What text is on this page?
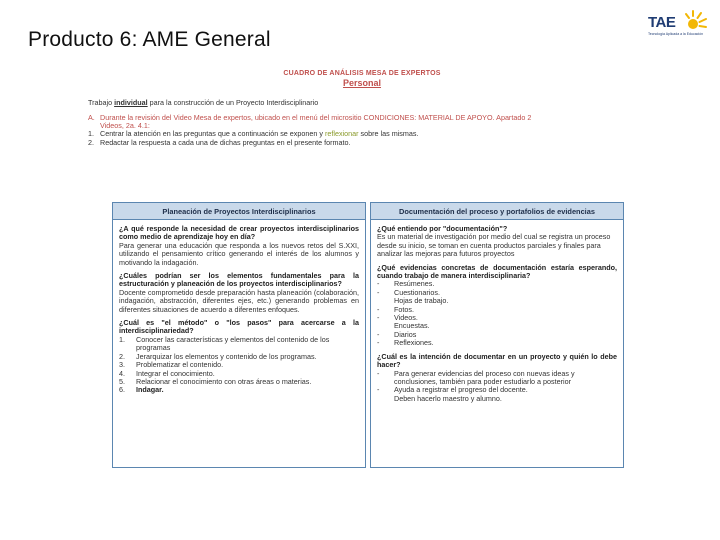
Producto 6: AME General
TAE
Tecnología Aplicada a la Educación
CUADRO DE ANÁLISIS MESA DE EXPERTOS
Personal
Trabajo individual para la construcción de un Proyecto Interdisciplinario
A. Durante la revisión del Video Mesa de expertos, ubicado en el menú del micrositio CONDICIONES: MATERIAL DE APOYO. Apartado 2
Videos, 2a. 4.1:
1. Centrar la atención en las preguntas que a continuación se exponen y reflexionar sobre las mismas.
2. Redactar la respuesta a cada una de dichas preguntas en el presente formato.
Planeación de Proyectos Interdisciplinarios
¿A qué responde la necesidad de crear proyectos interdisciplinarios como medio de aprendizaje hoy en día?
Para generar una educación que responda a los nuevos retos del S.XXI, utilizando el pensamiento crítico generando el interés de los alumnos y motivando la indagación.
¿Cuáles podrían ser los elementos fundamentales para la estructuración y planeación de los proyectos interdisciplinarios?
Docente comprometido desde preparación hasta planeación (colaboración, indagación, abstracción, diferentes ejes, etc.) generando problemas en diferentes situaciones de acuerdo a diferentes enfoques.
¿Cuál es "el método" o "los pasos" para acercarse a la interdisciplinariedad?
1.	Conocer las características y elementos del contenido de los programas
2.	Jerarquizar los elementos y contenido de los programas.
3.	Problematizar el contenido.
4.	Integrar el conocimiento.
5.	Relacionar el conocimiento con otras áreas o materias.
6.	Indagar.
Documentación del proceso y portafolios de evidencias
¿Qué entiendo por "documentación"?
Es un material de investigación por medio del cual se registra un proceso desde su inicio, se toman en cuenta productos parciales y finales para analizar las mejoras para futuros proyectos
¿Qué evidencias concretas de documentación estaría esperando, cuando trabajo de manera interdisciplinaria?
-	Resúmenes.
-	Cuestionarios.
Hojas de trabajo.
-	Fotos.
-	Videos.
Encuestas.
-	Diarios
-	Reflexiones.
¿Cuál es la intención de documentar en un proyecto y quién lo debe hacer?
-	Para generar evidencias del proceso con nuevas ideas y conclusiones, también para poder estudiarlo a posterior
-	Ayuda a registrar el progreso del docente.
Deben hacerlo maestro y alumno.
